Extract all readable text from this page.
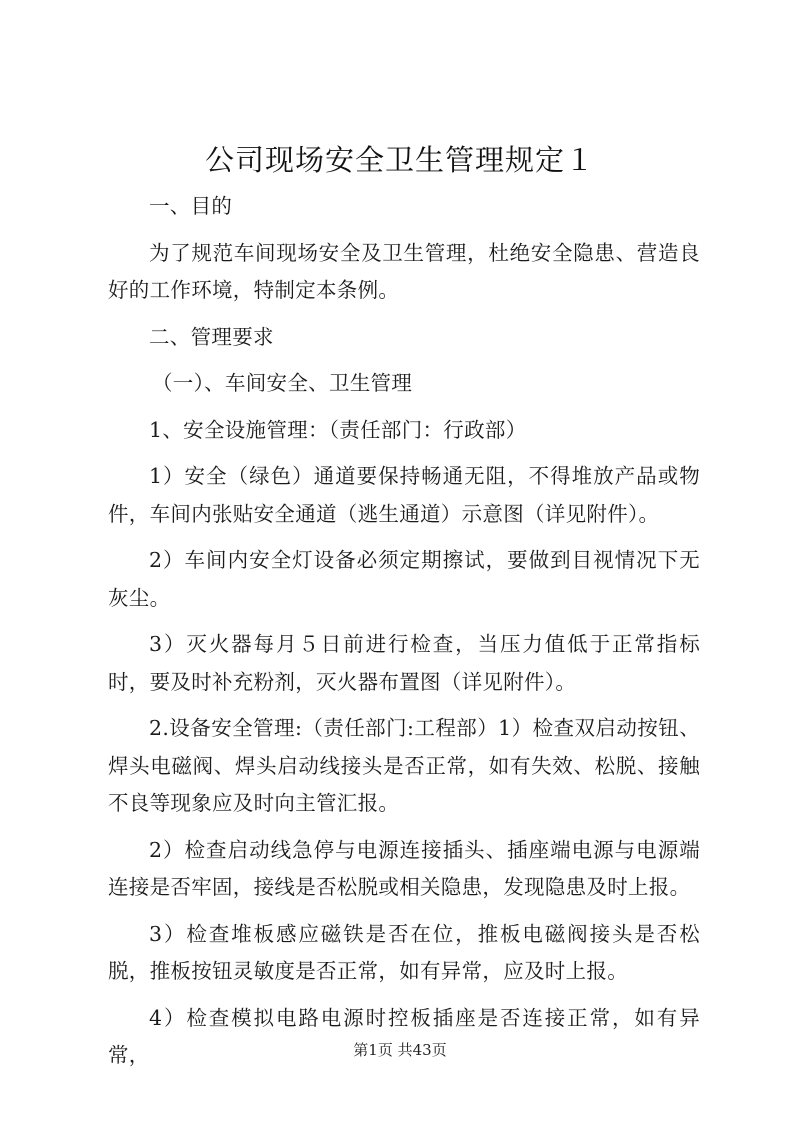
公司现场安全卫生管理规定１

一、目的

为了规范车间现场安全及卫生管理，杜绝安全隐患、营造良好的工作环境，特制定本条例。

二、管理要求

（一）、车间安全、卫生管理

1、安全设施管理：（责任部门：行政部）

1）安全（绿色）通道要保持畅通无阻，不得堆放产品或物件，车间内张贴安全通道（逃生通道）示意图（详见附件）。

2）车间内安全灯设备必须定期擦试，要做到目视情况下无灰尘。

3）灭火器每月５日前进行检查，当压力值低于正常指标时，要及时补充粉剂，灭火器布置图（详见附件）。

2.设备安全管理:（责任部门:工程部）1）检查双启动按钮、焊头电磁阀、焊头启动线接头是否正常，如有失效、松脱、接触不良等现象应及时向主管汇报。

2）检查启动线急停与电源连接插头、插座端电源与电源端连接是否牢固，接线是否松脱或相关隐患，发现隐患及时上报。

3）检查堆板感应磁铁是否在位，推板电磁阀接头是否松脱，推板按钮灵敏度是否正常，如有异常，应及时上报。

4）检查模拟电路电源时控板插座是否连接正常，如有异常，	第1页 共43页
